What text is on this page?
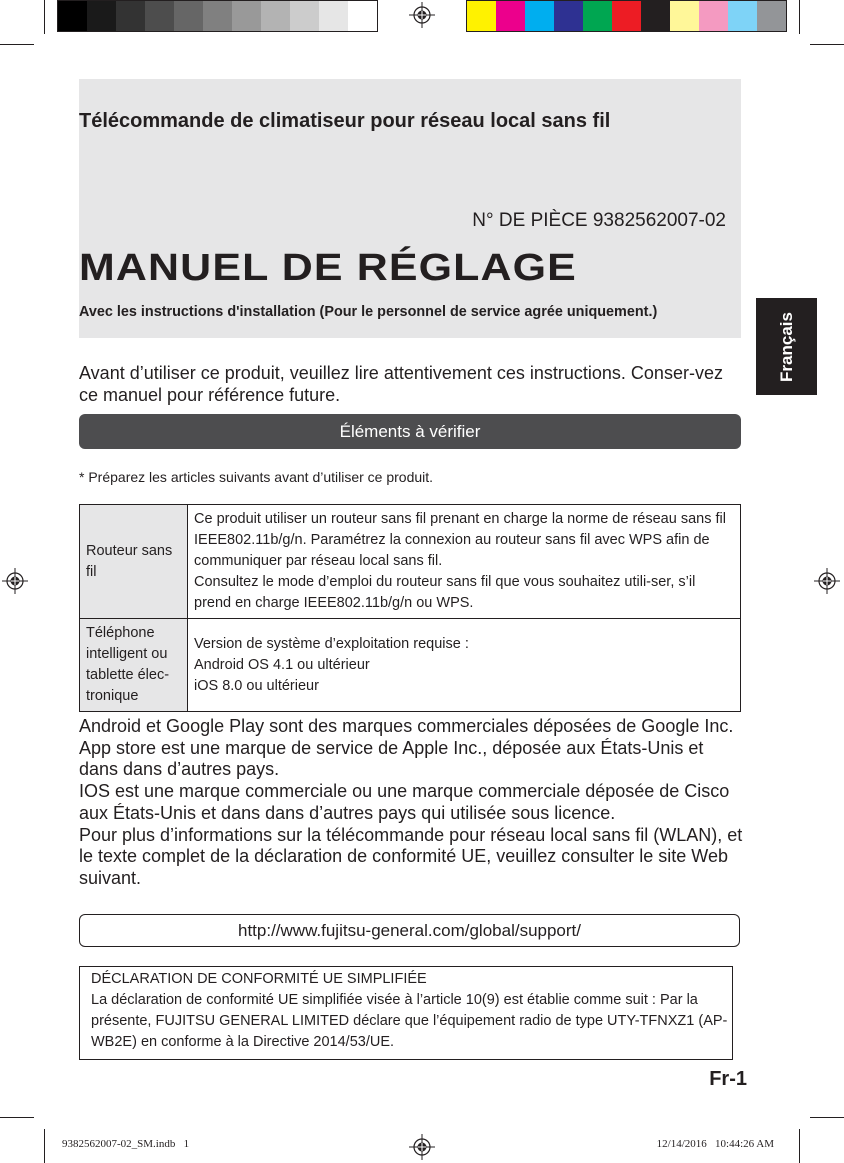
Télécommande de climatiseur pour réseau local sans fil
N° DE PIÈCE 9382562007-02
MANUEL DE RÉGLAGE
Avec les instructions d'installation (Pour le personnel de service agrée uniquement.)
Français
Avant d’utiliser ce produit, veuillez lire attentivement ces instructions. Conser-vez ce manuel pour référence future.
Éléments à vérifier
* Préparez les articles suivants avant d’utiliser ce produit.
Routeur sans fil	Ce produit utiliser un routeur sans fil prenant en charge la norme de réseau sans fil IEEE802.11b/g/n. Paramétrez la connexion au routeur sans fil avec WPS afin de communiquer par réseau local sans fil.
Consultez le mode d’emploi du routeur sans fil que vous souhaitez utili-ser, s’il prend en charge IEEE802.11b/g/n ou WPS.

Téléphone intelligent ou tablette élec-tronique	Version de système d’exploitation requise :
Android OS 4.1 ou ultérieur
iOS 8.0 ou ultérieur

Android et Google Play sont des marques commerciales déposées de Google Inc.

App store est une marque de service de Apple Inc., déposée aux États-Unis et dans dans d’autres pays.

IOS est une marque commerciale ou une marque commerciale déposée de Cisco aux États-Unis et dans dans d’autres pays qui utilisée sous licence.

Pour plus d’informations sur la télécommande pour réseau local sans fil (WLAN), et le texte complet de la déclaration de conformité UE, veuillez consulter le site Web suivant.

http://www.fujitsu-general.com/global/support/

DÉCLARATION DE CONFORMITÉ UE SIMPLIFIÉE

La déclaration de conformité UE simplifiée visée à l’article 10(9) est établie comme suit : Par la présente, FUJITSU GENERAL LIMITED déclare que l’équipement radio de type UTY-TFNXZ1 (AP-WB2E) en conforme à la Directive 2014/53/UE.

Fr-1
9382562007-02_SM.indb   1	12/14/2016   10:44:26 AM
